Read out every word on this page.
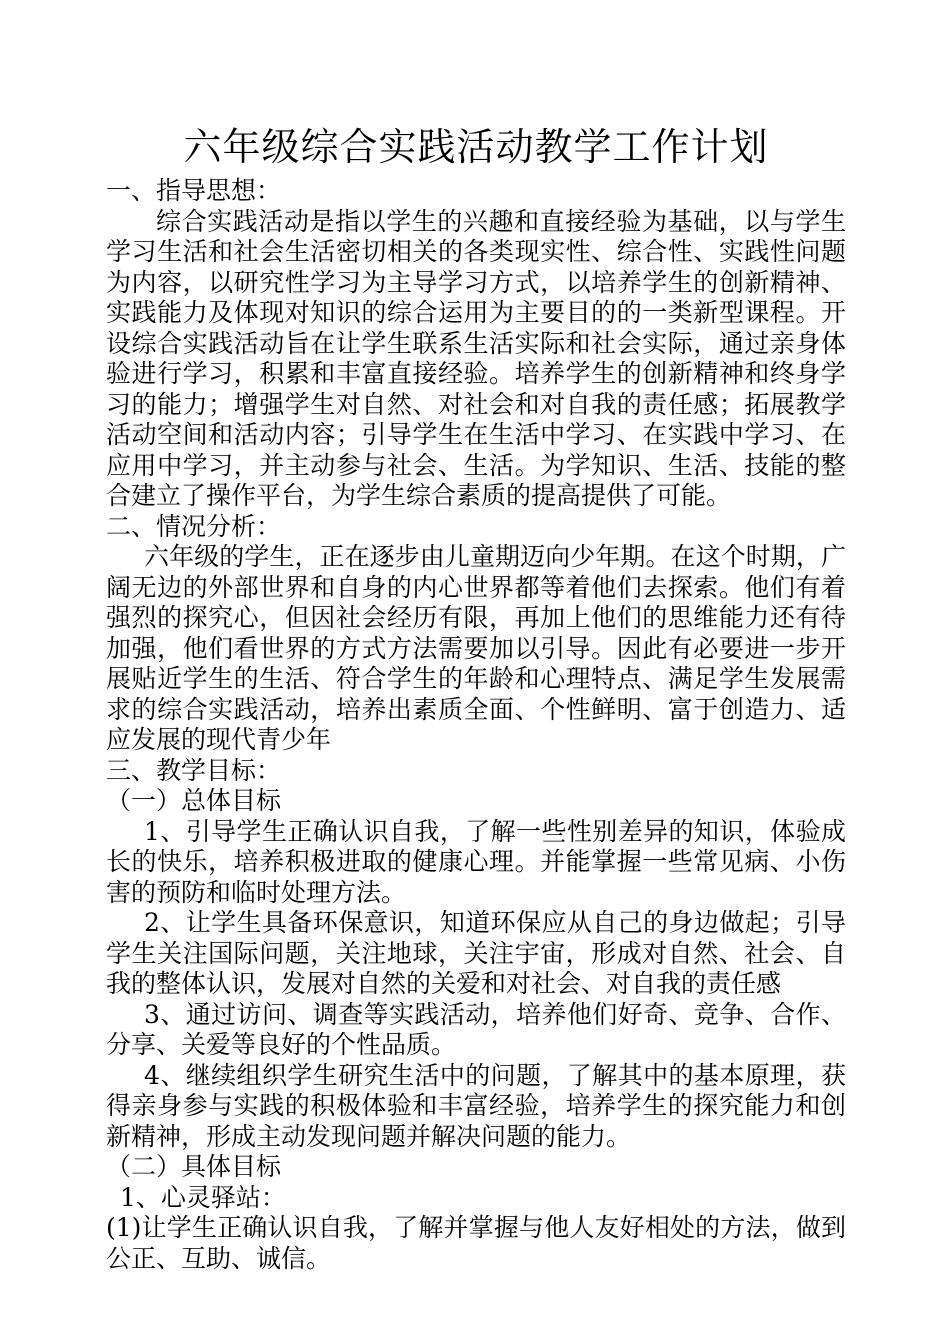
六年级综合实践活动教学工作计划

一、指导思想：

综合实践活动是指以学生的兴趣和直接经验为基础，以与学生学习生活和社会生活密切相关的各类现实性、综合性、实践性问题为内容，以研究性学习为主导学习方式，以培养学生的创新精神、实践能力及体现对知识的综合运用为主要目的的一类新型课程。开设综合实践活动旨在让学生联系生活实际和社会实际，通过亲身体验进行学习，积累和丰富直接经验。培养学生的创新精神和终身学习的能力；增强学生对自然、对社会和对自我的责任感；拓展教学活动空间和活动内容；引导学生在生活中学习、在实践中学习、在应用中学习，并主动参与社会、生活。为学知识、生活、技能的整合建立了操作平台，为学生综合素质的提高提供了可能。

二、情况分析：

六年级的学生，正在逐步由儿童期迈向少年期。在这个时期，广阔无边的外部世界和自身的内心世界都等着他们去探索。他们有着强烈的探究心，但因社会经历有限，再加上他们的思维能力还有待加强，他们看世界的方式方法需要加以引导。因此有必要进一步开展贴近学生的生活、符合学生的年龄和心理特点、满足学生发展需求的综合实践活动，培养出素质全面、个性鲜明、富于创造力、适应发展的现代青少年

三、教学目标：

（一）总体目标

1、引导学生正确认识自我，了解一些性别差异的知识，体验成长的快乐，培养积极进取的健康心理。并能掌握一些常见病、小伤害的预防和临时处理方法。

2、让学生具备环保意识，知道环保应从自己的身边做起；引导学生关注国际问题，关注地球，关注宇宙，形成对自然、社会、自我的整体认识，发展对自然的关爱和对社会、对自我的责任感

3、通过访问、调查等实践活动，培养他们好奇、竞争、合作、分享、关爱等良好的个性品质。

4、继续组织学生研究生活中的问题，了解其中的基本原理，获得亲身参与实践的积极体验和丰富经验，培养学生的探究能力和创新精神，形成主动发现问题并解决问题的能力。

（二）具体目标

1、心灵驿站：

(1)让学生正确认识自我，了解并掌握与他人友好相处的方法，做到公正、互助、诚信。
